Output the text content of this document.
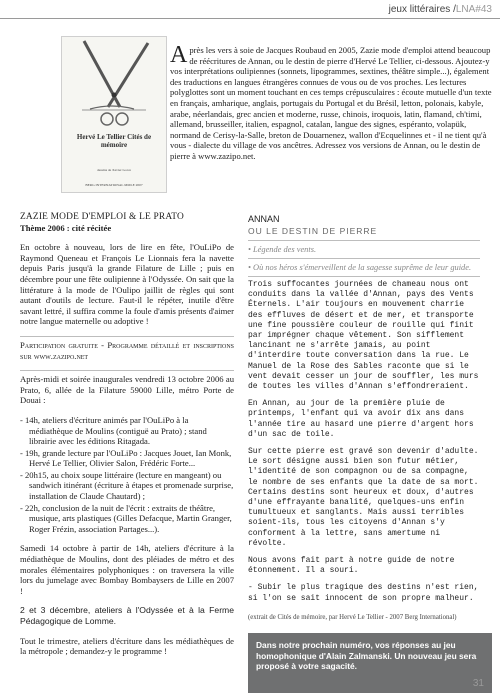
jeux littéraires /LNA#43
Hervé Le Tellier Cités de mémoire
dessins de Xavier Gorce
BERG INTERNATIONAL MMLE 2007
Après les vers à soie de Jacques Roubaud en 2005, Zazie mode d'emploi attend beaucoup de réécritures de Annan, ou le destin de pierre d'Hervé Le Tellier, ci-dessous. Ajoutez-y vos interprétations oulipiennes (sonnets, lipogrammes, sextines, théâtre simple...), également des traductions en langues étrangères connues de vous ou de vos proches. Les lectures polyglottes sont un moment touchant en ces temps crépusculaires : écoute mutuelle d'un texte en français, amharique, anglais, portugais du Portugal et du Brésil, letton, polonais, kabyle, arabe, néerlandais, grec ancien et moderne, russe, chinois, iroquois, latin, flamand, ch'timi, allemand, brusseiller, italien, espagnol, catalan, langue des signes, espéranto, volapük, normand de Cerisy-la-Salle, breton de Douarnenez, wallon d'Ecquelinnes et - il ne tient qu'à vous - dialecte du village de vos ancêtres. Adressez vos versions de Annan, ou le destin de pierre à www.zazipo.net.
ZAZIE MODE D'EMPLOI & LE PRATO
Thème 2006 : cité récitée

En octobre à nouveau, lors de lire en fête, l'OuLiPo de Raymond Queneau et François Le Lionnais fera la navette depuis Paris jusqu'à la grande Filature de Lille ; puis en décembre pour une fête oulipienne à l'Odyssée. On sait que la littérature à la mode de l'Oulipo jaillit de règles qui sont autant d'outils de lecture. Faut-il le répéter, inutile d'être savant lettré, il suffira comme la foule d'amis présents d'aimer notre langue maternelle ou adoptive !

Participation gratuite - Programme détaillé et inscriptions sur www.zazipo.net

Après-midi et soirée inaugurales vendredi 13 octobre 2006 au Prato, 6, allée de la Filature 59000 Lille, métro Porte de Douai :

- 14h, ateliers d'écriture animés par l'OuLiPo à la médiathèque de Moulins (contiguë au Prato) ; stand librairie avec les éditions Ritagada.
- 19h, grande lecture par l'OuLiPo : Jacques Jouet, Ian Monk, Hervé Le Tellier, Olivier Salon, Frédéric Forte...
- 20h15, au choix soupe littéraire (lecture en mangeant) ou sandwich itinérant (écriture à étapes et promenade surprise, installation de Claude Chautard) ;
- 22h, conclusion de la nuit de l'écrit : extraits de théâtre, musique, arts plastiques (Gilles Defacque, Martin Granger, Roger Frézin, association Partages...).

Samedi 14 octobre à partir de 14h, ateliers d'écriture à la médiathèque de Moulins, dont des pléiades de métro et des morales élémentaires polyphoniques : on traversera la ville lors du jumelage avec Bombay Bombaysers de Lille en 2007 !

2 et 3 décembre, ateliers à l'Odyssée et à la Ferme Pédagogique de Lomme.

Tout le trimestre, ateliers d'écriture dans les médiathèques de la métropole ; demandez-y le programme !

ANNAN
OU LE DESTIN DE PIERRE
• Légende des vents.
• Où nos héros s'émerveillent de la sagesse suprême de leur guide.

Trois suffocantes journées de chameau nous ont conduits dans la vallée d'Annan, pays des Vents Éternels. L'air toujours en mouvement charrie des effluves de désert et de mer, et transporte une fine poussière couleur de rouille qui finit par imprégner chaque vêtement. Son sifflement lancinant ne s'arrête jamais, au point d'interdire toute conversation dans la rue. Le Manuel de la Rose des Sables raconte que si le vent devait cesser un jour de souffler, les murs de toutes les villes d'Annan s'effondreraient.

En Annan, au jour de la première pluie de printemps, l'enfant qui va avoir dix ans dans l'année tire au hasard une pierre d'argent hors d'un sac de toile.

Sur cette pierre est gravé son devenir d'adulte. Le sort désigne aussi bien son futur métier, l'identité de son compagnon ou de sa compagne, le nombre de ses enfants que la date de sa mort. Certains destins sont heureux et doux, d'autres d'une effrayante banalité, quelques-uns enfin tumultueux et sanglants. Mais aussi terribles soient-ils, tous les citoyens d'Annan s'y conforment à la lettre, sans amertume ni révolte.

Nous avons fait part à notre guide de notre étonnement. Il a souri.

- Subir le plus tragique des destins n'est rien, si l'on se sait innocent de son propre malheur.

(extrait de Cités de mémoire, par Hervé Le Tellier - 2007 Berg International)

Dans notre prochain numéro, vos réponses au jeu homophonique d'Alain Zalmanski. Un nouveau jeu sera proposé à votre sagacité.

31
